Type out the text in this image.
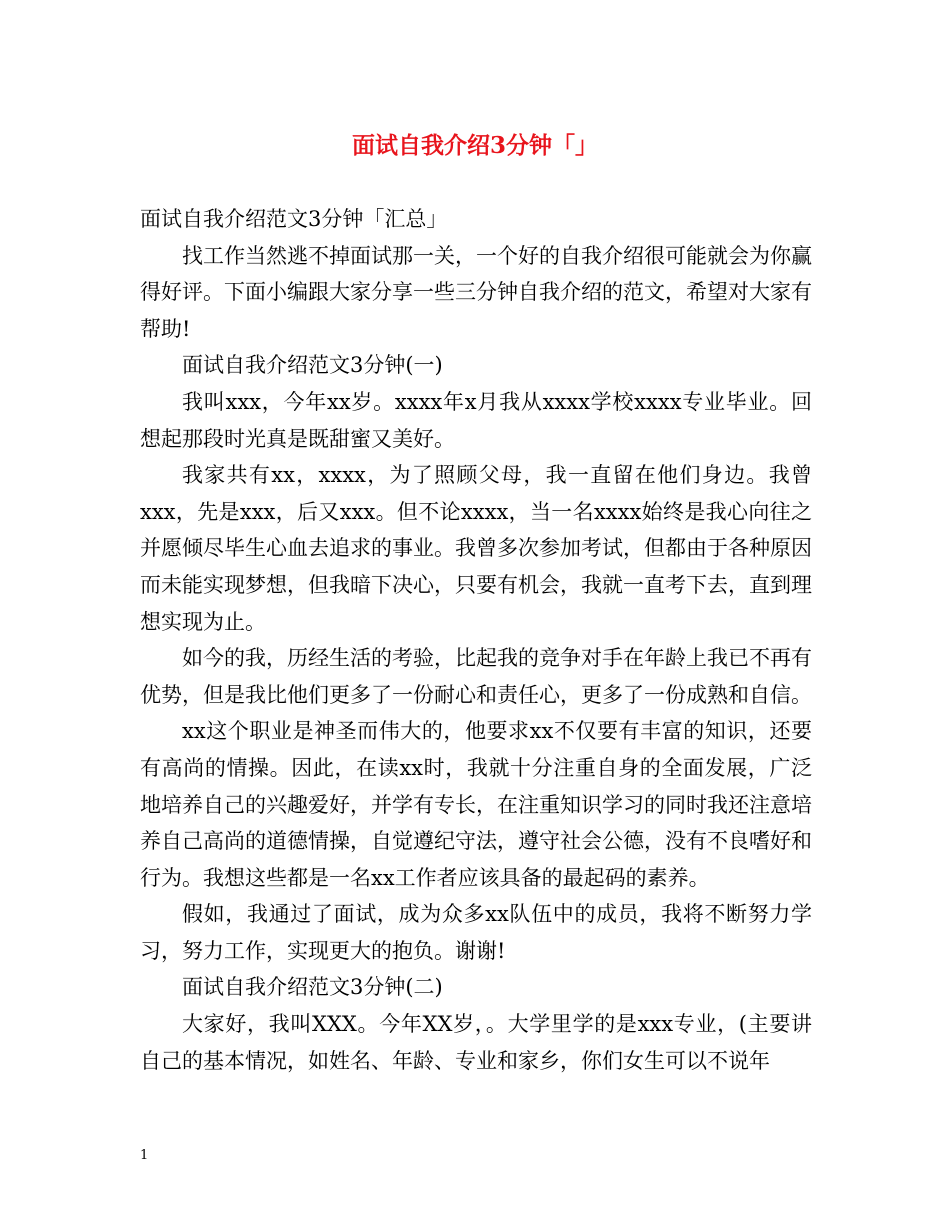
面试自我介绍3分钟「」

面试自我介绍范文3分钟「汇总」

找工作当然逃不掉面试那一关，一个好的自我介绍很可能就会为你赢得好评。下面小编跟大家分享一些三分钟自我介绍的范文，希望对大家有帮助!

面试自我介绍范文3分钟(一)

我叫xxx，今年xx岁。xxxx年x月我从xxxx学校xxxx专业毕业。回想起那段时光真是既甜蜜又美好。

我家共有xx，xxxx，为了照顾父母，我一直留在他们身边。我曾xxx，先是xxx，后又xxx。但不论xxxx，当一名xxxx始终是我心向往之并愿倾尽毕生心血去追求的事业。我曾多次参加考试，但都由于各种原因而未能实现梦想，但我暗下决心，只要有机会，我就一直考下去，直到理想实现为止。

如今的我，历经生活的考验，比起我的竞争对手在年龄上我已不再有优势，但是我比他们更多了一份耐心和责任心，更多了一份成熟和自信。

xx这个职业是神圣而伟大的，他要求xx不仅要有丰富的知识，还要有高尚的情操。因此，在读xx时，我就十分注重自身的全面发展，广泛地培养自己的兴趣爱好，并学有专长，在注重知识学习的同时我还注意培养自己高尚的道德情操，自觉遵纪守法，遵守社会公德，没有不良嗜好和行为。我想这些都是一名xx工作者应该具备的最起码的素养。

假如，我通过了面试，成为众多xx队伍中的成员，我将不断努力学习，努力工作，实现更大的抱负。谢谢!

面试自我介绍范文3分钟(二)

大家好，我叫XXX。今年XX岁，。大学里学的是xxx专业，(主要讲自己的基本情况，如姓名、年龄、专业和家乡，你们女生可以不说年

1
